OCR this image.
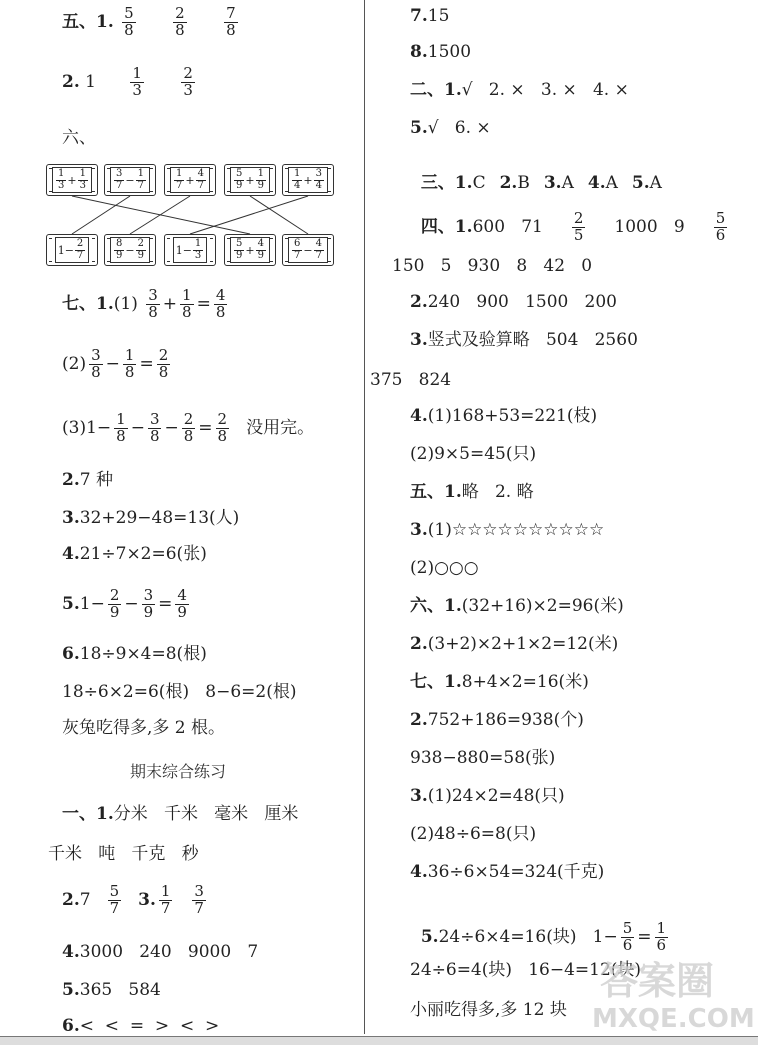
五、1. $\frac{5}{8}$
$\frac{2}{8}$
$\frac{7}{8}$
2. $1 \frac{1}{3}$
$\frac{2}{3}$
六、
七、$1.(1) \frac{3}{8} + \frac{1}{8} = \frac{4}{8}$
$(2) \frac{3}{8} - \frac{1}{8} = \frac{2}{8}$
$(3)1- \frac{1}{8} - \frac{3}{8} - \frac{2}{8} = \frac{2}{8}$ 没用完。
2.7 种
3.32+29−48=13(人)
4.21÷7×2=6(张)
$5.1- \frac{2}{9} - \frac{3}{9} = \frac{4}{9}$
6.18÷9×4=8(根)
18÷6×2=6(根)   8−6=2(根)
灰兔吃得多,多 2 根。
期末综合练习
一、1.分米   千米   毫米   厘米
千米   吨   千克   秒
$2.7 \frac{5}{7} 3$. $\frac{1}{7} \frac{3}{7}$
4.3000   240   9000   7
5.365   584
6.<  <  =  >  <  >
7.15
8.1500
二、1.√   2. ×   3. ×   4. ×
5.√   6. ×

三、1.C 2.B 3.A 4.A 5.A

四、1.600   $71 \frac{2}{5} 1000$   $9 \frac{5}{6}$

150   5   930   8   42   0
2.240   900   1500   200
3.竖式及验算略   504   2560
375   824
4.(1)168+53=221(枝)
(2)9×5=45(只)
五、1.略   2. 略
3.(1)☆☆☆☆☆☆☆☆☆☆
(2)○○○
六、1.(32+16)×2=96(米)
2.(3+2)×2+1×2=12(米)
七、1.8+4×2=16(米)
2.752+186=938(个)
938−880=58(张)
3.(1)24×2=48(只)
(2)48÷6=8(只)
4.36÷6×54=324(千克)

5.24÷6×4=16(块)   $1- \frac{5}{6} = \frac{1}{6}$

24÷6=4(块)   16−4=12(块)
小丽吃得多,多 12 块
答案圈
MXQE.COM
1
$3 + \frac{1}{3}$	3
$7 - \frac{1}{7}$	1
$7 + \frac{4}{7}$	5
$9 + \frac{1}{9}$	1
$4 + \frac{3}{4}$
$1- \frac{2}{7}$	8
$9 - \frac{2}{9}$	$1- \frac{1}{3}$	5
$9 + \frac{4}{9}$	6
$7 - \frac{4}{7}$
